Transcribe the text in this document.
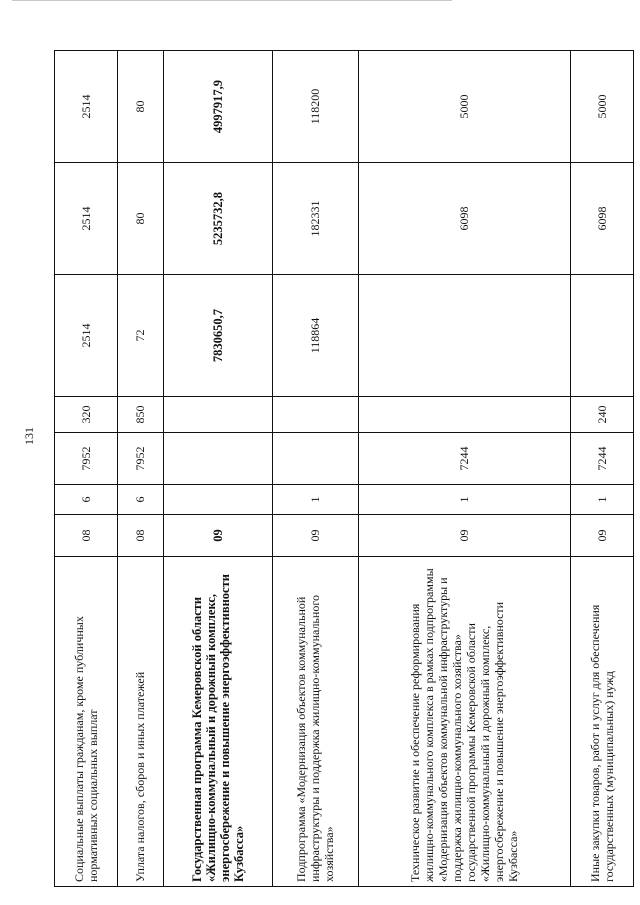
131
Социальные выплаты гражданам, кроме публичных нормативных социальных выплат	08	6	7952	320	2514	2514	2514
Уплата налогов, сборов и иных платежей	08	6	7952	850	72	80	80
Государственная программа Кемеровской области «Жилищно-коммунальный и дорожный комплекс, энергосбережение и повышение энергоэффективности Кузбасса»	09				7830650,7	5235732,8	4997917,9
Подпрограмма «Модернизация объектов коммунальной инфраструктуры и поддержка жилищно-коммунального хозяйства»	09	1			118864	182331	118200
Техническое развитие и обеспечение реформирования жилищно-коммунального комплекса в рамках подпрограммы «Модернизация объектов коммунальной инфраструктуры и поддержка жилищно-коммунального хозяйства» государственной программы Кемеровской области «Жилищно-коммунальный и дорожный комплекс, энергосбережение и повышение энергоэффективности Кузбасса»	09	1	7244			6098	5000
Иные закупки товаров, работ и услуг для обеспечения государственных (муниципальных) нужд	09	1	7244	240		6098	5000
